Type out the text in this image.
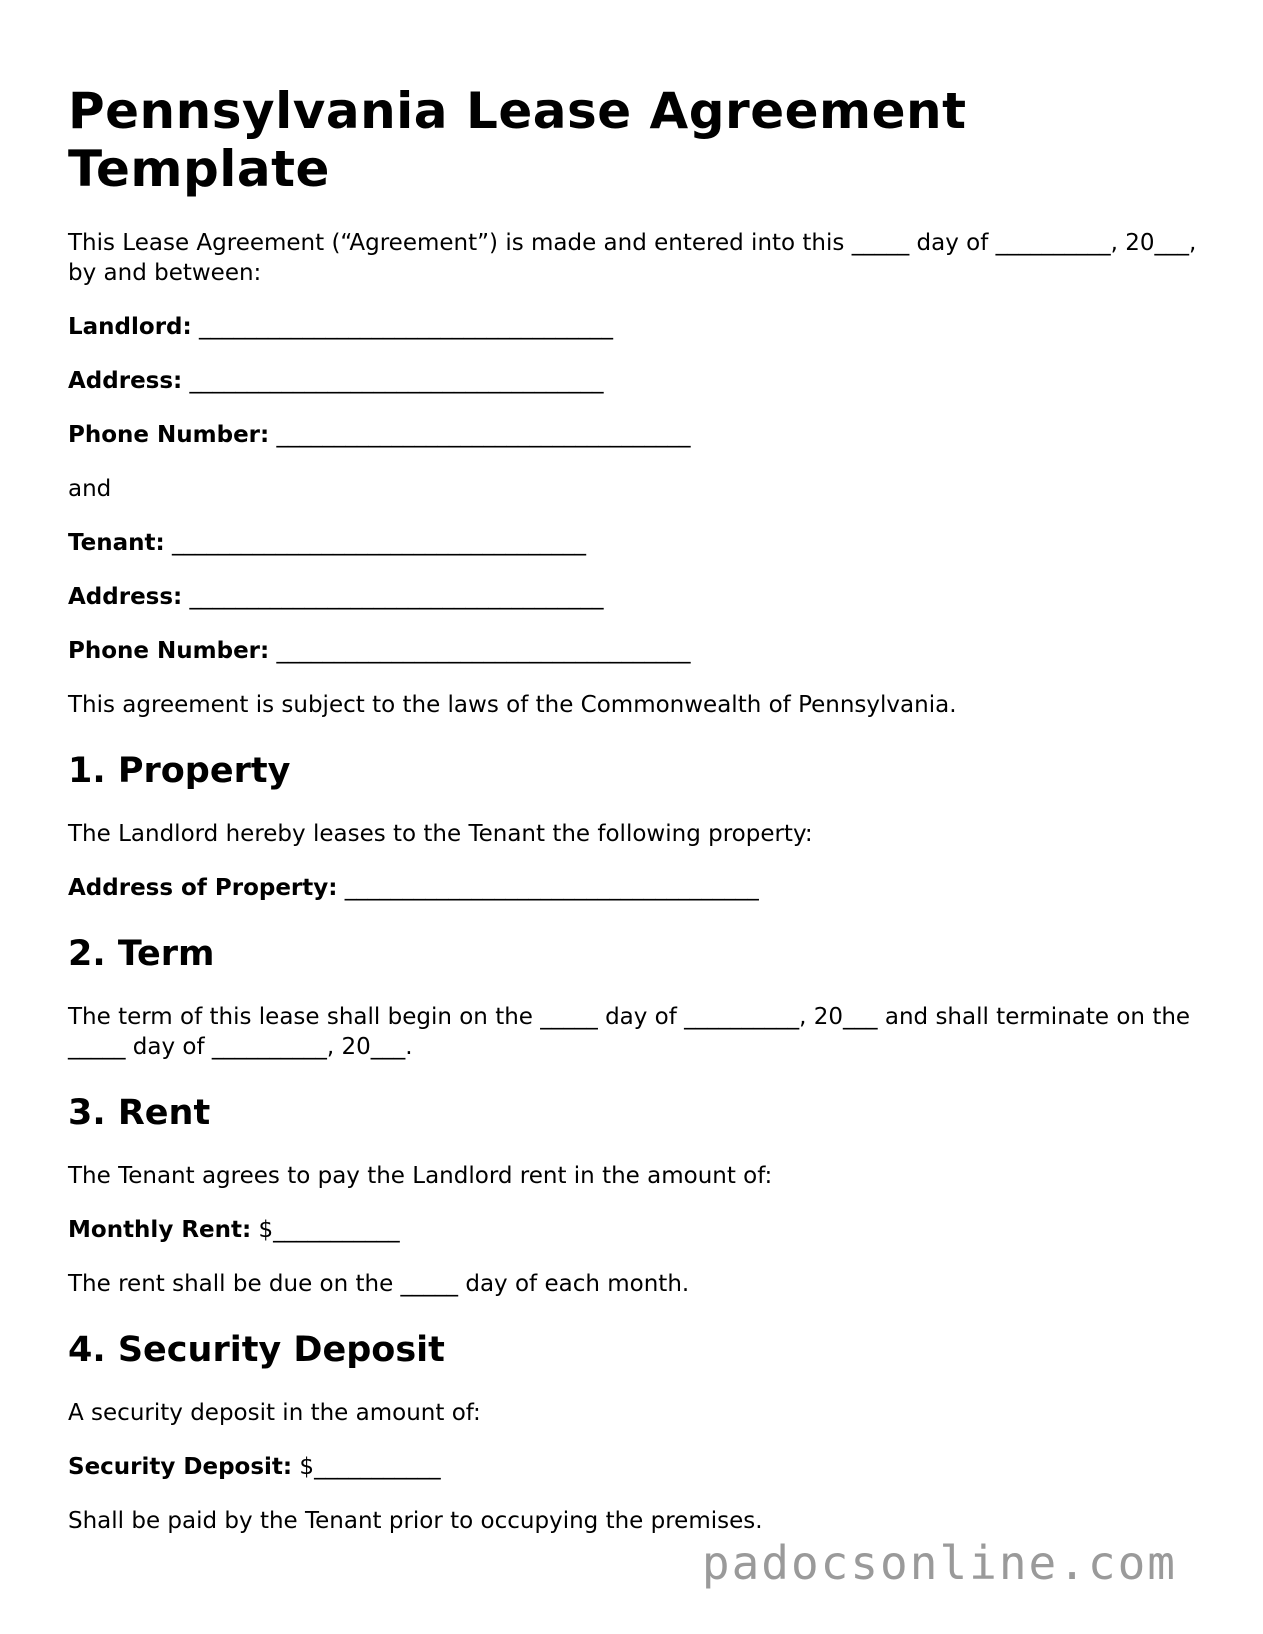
Pennsylvania Lease Agreement Template

This Lease Agreement (“Agreement”) is made and entered into this _____ day of __________, 20___, by and between:

Landlord: ____________________________________

Address: ____________________________________

Phone Number: ____________________________________

and

Tenant: ____________________________________

Address: ____________________________________

Phone Number: ____________________________________

This agreement is subject to the laws of the Commonwealth of Pennsylvania.

1. Property

The Landlord hereby leases to the Tenant the following property:

Address of Property: ____________________________________

2. Term

The term of this lease shall begin on the _____ day of __________, 20___ and shall terminate on the _____ day of __________, 20___.

3. Rent

The Tenant agrees to pay the Landlord rent in the amount of:

Monthly Rent: $___________

The rent shall be due on the _____ day of each month.

4. Security Deposit

A security deposit in the amount of:

Security Deposit: $___________

Shall be paid by the Tenant prior to occupying the premises.

padocsonline.com
